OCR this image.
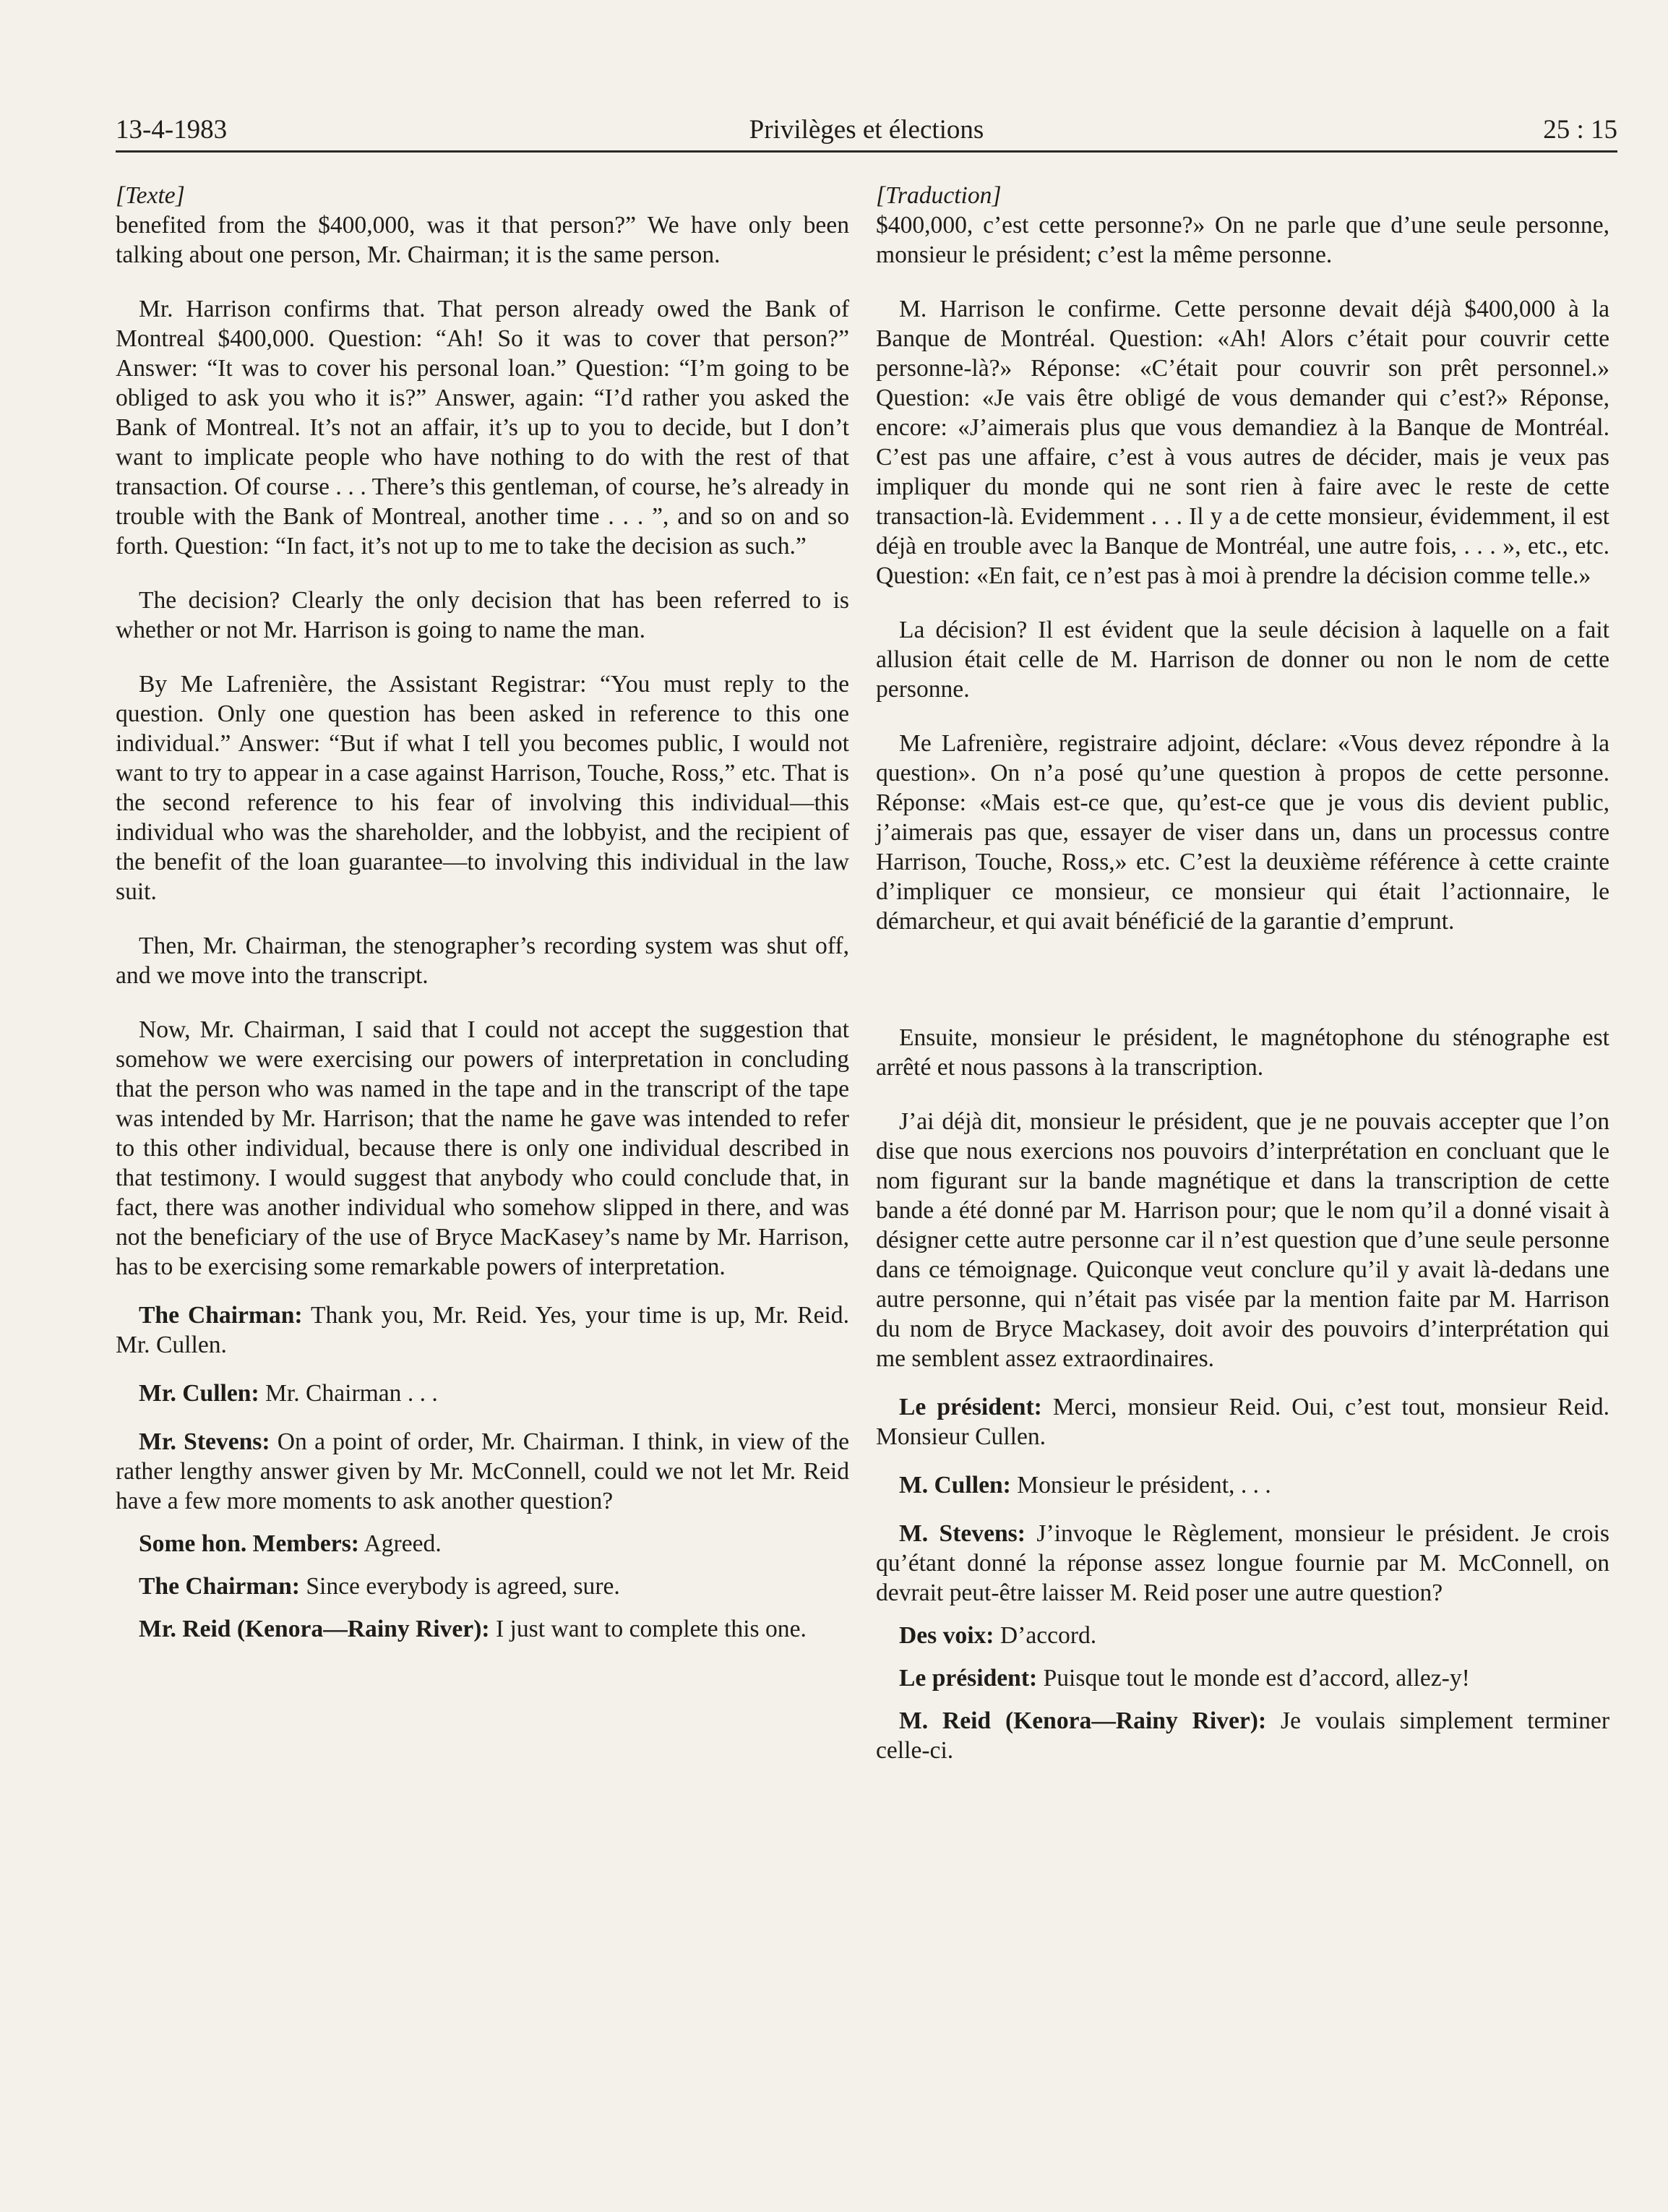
13-4-1983	Privilèges et élections	25 : 15

[Texte]

benefited from the $400,000, was it that person?” We have only been talking about one person, Mr. Chairman; it is the same person.

Mr. Harrison confirms that. That person already owed the Bank of Montreal $400,000. Question: “Ah! So it was to cover that person?” Answer: “It was to cover his personal loan.” Question: “I’m going to be obliged to ask you who it is?” Answer, again: “I’d rather you asked the Bank of Montreal. It’s not an affair, it’s up to you to decide, but I don’t want to implicate people who have nothing to do with the rest of that transaction. Of course . . . There’s this gentleman, of course, he’s already in trouble with the Bank of Montreal, another time . . . ”, and so on and so forth. Question: “In fact, it’s not up to me to take the decision as such.”

The decision? Clearly the only decision that has been referred to is whether or not Mr. Harrison is going to name the man.

By Me Lafrenière, the Assistant Registrar: “You must reply to the question. Only one question has been asked in reference to this one individual.” Answer: “But if what I tell you becomes public, I would not want to try to appear in a case against Harrison, Touche, Ross,” etc. That is the second reference to his fear of involving this individual—this individual who was the shareholder, and the lobbyist, and the recipient of the benefit of the loan guarantee—to involving this individual in the law suit.

Then, Mr. Chairman, the stenographer’s recording system was shut off, and we move into the transcript.

Now, Mr. Chairman, I said that I could not accept the suggestion that somehow we were exercising our powers of interpretation in concluding that the person who was named in the tape and in the transcript of the tape was intended by Mr. Harrison; that the name he gave was intended to refer to this other individual, because there is only one individual described in that testimony. I would suggest that anybody who could conclude that, in fact, there was another individual who somehow slipped in there, and was not the beneficiary of the use of Bryce MacKasey’s name by Mr. Harrison, has to be exercising some remarkable powers of interpretation.

The Chairman: Thank you, Mr. Reid. Yes, your time is up, Mr. Reid. Mr. Cullen.

Mr. Cullen: Mr. Chairman . . .

Mr. Stevens: On a point of order, Mr. Chairman. I think, in view of the rather lengthy answer given by Mr. McConnell, could we not let Mr. Reid have a few more moments to ask another question?

Some hon. Members: Agreed.

The Chairman: Since everybody is agreed, sure.

Mr. Reid (Kenora—Rainy River): I just want to complete this one.

[Traduction]

$400,000, c’est cette personne?» On ne parle que d’une seule personne, monsieur le président; c’est la même personne.

M. Harrison le confirme. Cette personne devait déjà $400,000 à la Banque de Montréal. Question: «Ah! Alors c’était pour couvrir cette personne-là?» Réponse: «C’était pour couvrir son prêt personnel.» Question: «Je vais être obligé de vous demander qui c’est?» Réponse, encore: «J’aimerais plus que vous demandiez à la Banque de Montréal. C’est pas une affaire, c’est à vous autres de décider, mais je veux pas impliquer du monde qui ne sont rien à faire avec le reste de cette transaction-là. Evidemment . . . Il y a de cette monsieur, évidemment, il est déjà en trouble avec la Banque de Montréal, une autre fois, . . . », etc., etc. Question: «En fait, ce n’est pas à moi à prendre la décision comme telle.»

La décision? Il est évident que la seule décision à laquelle on a fait allusion était celle de M. Harrison de donner ou non le nom de cette personne.

Me Lafrenière, registraire adjoint, déclare: «Vous devez répondre à la question». On n’a posé qu’une question à propos de cette personne. Réponse: «Mais est-ce que, qu’est-ce que je vous dis devient public, j’aimerais pas que, essayer de viser dans un, dans un processus contre Harrison, Touche, Ross,» etc. C’est la deuxième référence à cette crainte d’impliquer ce monsieur, ce monsieur qui était l’actionnaire, le démarcheur, et qui avait bénéficié de la garantie d’emprunt.

Ensuite, monsieur le président, le magnétophone du sténographe est arrêté et nous passons à la transcription.

J’ai déjà dit, monsieur le président, que je ne pouvais accepter que l’on dise que nous exercions nos pouvoirs d’interprétation en concluant que le nom figurant sur la bande magnétique et dans la transcription de cette bande a été donné par M. Harrison pour; que le nom qu’il a donné visait à désigner cette autre personne car il n’est question que d’une seule personne dans ce témoignage. Quiconque veut conclure qu’il y avait là-dedans une autre personne, qui n’était pas visée par la mention faite par M. Harrison du nom de Bryce Mackasey, doit avoir des pouvoirs d’interprétation qui me semblent assez extraordinaires.

Le président: Merci, monsieur Reid. Oui, c’est tout, monsieur Reid. Monsieur Cullen.

M. Cullen: Monsieur le président, . . .

M. Stevens: J’invoque le Règlement, monsieur le président. Je crois qu’étant donné la réponse assez longue fournie par M. McConnell, on devrait peut-être laisser M. Reid poser une autre question?

Des voix: D’accord.

Le président: Puisque tout le monde est d’accord, allez-y!

M. Reid (Kenora—Rainy River): Je voulais simplement terminer celle-ci.
